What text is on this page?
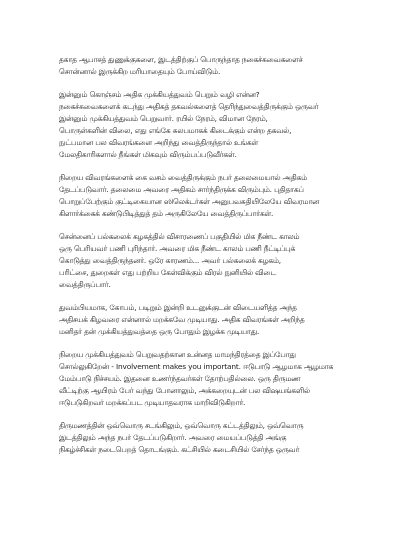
தகாத ஆபாசத் துணுக்குகளை, இடத்திற்குப் பொருந்தாத நகைச்சுவைகளைச்
சொன்னால் இருக்கிற மரியாதையும் போய்விடும்.
இன்னும் கொஞ்சம் அதிக முக்கியத்துவம் பெறும் வழி என்ன?
நகைச்சுவைகளைக் கடந்து அதிகத் தகவல்களைத் தெரிந்துவைத்திருக்கும் ஒருவர்
இன்னும் முக்கியத்துவம் பெறுவார். ரயில் நேரம், விமான நேரம்,
பொருள்களின் விலை, எது எங்கே சுலபமாகக் கிடைக்கும் என்ற தகவல்,
நுட்பமான பல விவரங்களை அறிந்து வைத்திருந்தால் உங்கள்
மேலதிகாரிகளால் நீங்கள் மிகவும் விரும்பப்படுவீர்கள்.
நிறைய விவரங்களைக் கை வசம் வைத்திருக்கும் நபர் தலைமையால் அதிகம்
தேடப்படுவார். தலைமை அவரை அதிகம் சார்ந்திருக்க விரும்பும். புதிதாகப்
பொறுப்பேற்கும் குட்டிகையான ஸிலெக்டர்கள் அனுபவசுதியிலேயே விவரமான
கிளார்க்கைக் கண்டுபிடித்துத் தம் அருகிலேயே வைத்திருப்பார்கள்.
சென்னைப் பல்கலைக் கழகத்தில் விசாரணைப் பகுதியில் மிக நீண்ட காலம்
ஒரு பெரியவர் பணி புரிந்தார். அவரை மிக நீண்ட காலம் பணி நீட்டிப்புக்
கொடுத்து வைத்திருந்தனர். ஒரே காரணம்... அவர் பல்கலைக் கழகம்,
பரிட்சை, துறைகள் எது பற்றிய கேள்விக்கும் விரல் நுனியில் விடை
வைத்திருப்பார்.
துவம்பியமாக, கோபம், படிறும் இன்றி உடனுக்குடன் விடையளித்த அந்த
அதிசயக் கிழவரை என்னால் மறக்கவே முடியாது. அதிக விவரங்கள் அறிந்த
மனிதர் தன் முக்கியத்துவத்தை ஒரு போதும் இழக்க முடியாது.
நிறைய முக்கியத்துவம் பெறுவதற்கான உன்னத மாமந்திரத்தை இப்போது
சொல்லுகிறேன் - Involvement makes you important. ஈடுபாடு ஆழமாக ஆழமாக
மேம்பாடு நிச்சயம். இதனை உணர்ந்தவர்கள் தோற்பதில்லை. ஒரு திருமண
வீட்டிற்கு ஆயிரம் பேர் வந்து போனாலும், அக்கறையுடன் பல விஷயங்களில்
ஈடுபடுகிறவர் மறக்கப்பட முடியாதவராக மாறிவிடுகிறார்.
திருமணத்தின் ஒவ்வொரு சடங்கிலும், ஒவ்வொரு கட்டத்திலும், ஒவ்வொரு
இடத்திலும் அந்த நபர் தேடப்படுகிறார். அவரை மையப்படுத்தி அங்கு
நிகழ்ச்சிகள் நடைபெறத் தொடங்கும். கட்சியில் கடைசியில் சேர்ந்த ஒருவர்
